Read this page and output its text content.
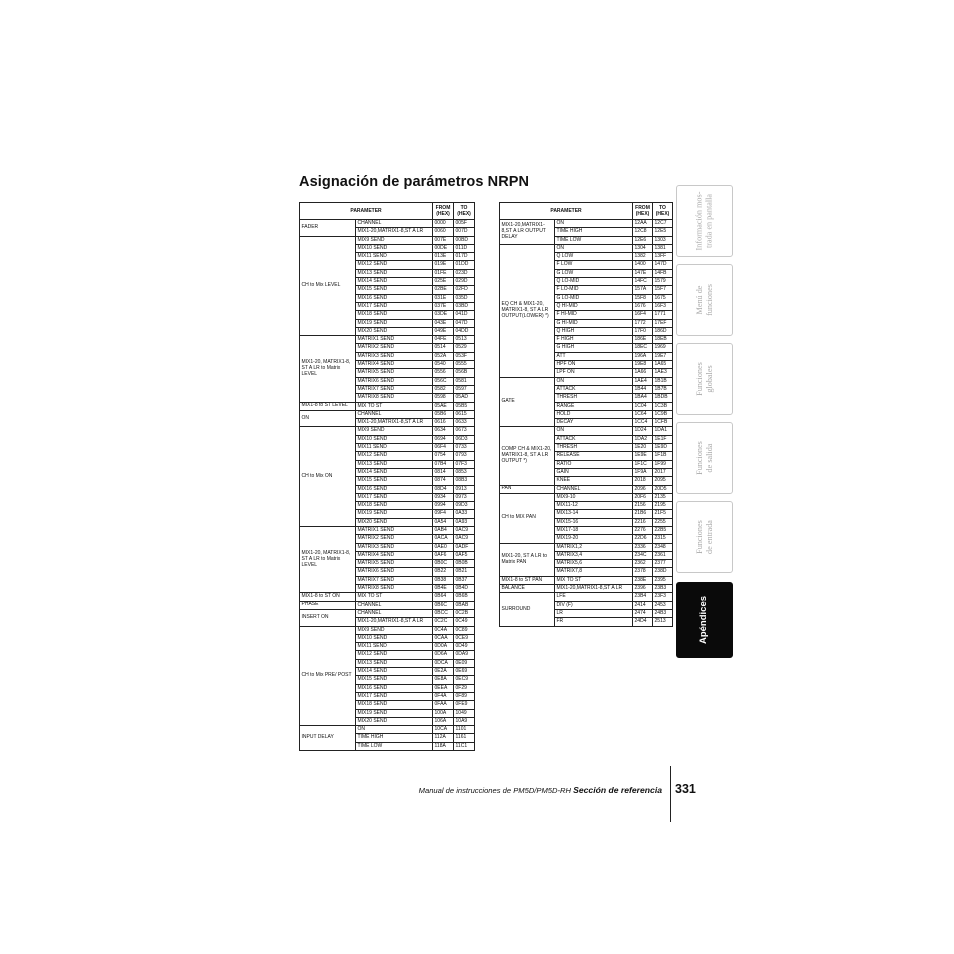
Asignación de parámetros NRPN
PARAMETER		FROM (HEX)	TO (HEX)
FADER	CHANNEL	0000	005F
	MIX1-20,MATRIX1-8,ST A LR	0060	007D
CH to Mix LEVEL	MIX9 SEND	007E	00BD
	MIX10 SEND	00DE	011D
	MIX11 SEND	013E	017D
	MIX12 SEND	019E	01DD
	MIX13 SEND	01FE	023D
	MIX14 SEND	025E	029D
	MIX15 SEND	02BE	02FD
	MIX16 SEND	031E	035D
	MIX17 SEND	037E	03BD
	MIX18 SEND	03DE	041D
	MIX19 SEND	043E	047D
	MIX20 SEND	049E	04DD
MIX1-20, MATRIX1-8, ST A LR to Matrix LEVEL	MATRIX1 SEND	04FE	0513
	MATRIX2 SEND	0514	0529
	MATRIX3 SEND	052A	053F
	MATRIX4 SEND	0540	0555
	MATRIX5 SEND	0556	056B
	MATRIX6 SEND	056C	0581
	MATRIX7 SEND	0582	0597
	MATRIX8 SEND	0598	05AD
MIX1-8 to ST LEVEL	MIX TO ST	05AE	05B5
ON	CHANNEL	05B6	0615
	MIX1-20,MATRIX1-8,ST A LR	0616	0633
CH to Mix ON	MIX9 SEND	0634	0673
	MIX10 SEND	0694	06D3
	MIX11 SEND	06F4	0733
	MIX12 SEND	0754	0793
	MIX13 SEND	07B4	07F3
	MIX14 SEND	0814	0853
	MIX15 SEND	0874	08B3
	MIX16 SEND	08D4	0913
	MIX17 SEND	0934	0973
	MIX18 SEND	0994	09D3
	MIX19 SEND	09F4	0A33
	MIX20 SEND	0A54	0A93
MIX1-20, MATRIX1-8, ST A LR to Matrix LEVEL	MATRIX1 SEND	0AB4	0AC9
	MATRIX2 SEND	0ACA	0AC9
	MATRIX3 SEND	0AE0	0ADF
	MATRIX4 SEND	0AF6	0AF5
	MATRIX5 SEND	0B0C	0B0B
	MATRIX6 SEND	0B22	0B21
	MATRIX7 SEND	0B38	0B37
	MATRIX8 SEND	0B4E	0B4D
MIX1-8 to ST ON	MIX TO ST	0B64	0B6B
PHASE	CHANNEL	0B6C	0BAB
INSERT ON	CHANNEL	0BCC	0C2B
	MIX1-20,MATRIX1-8,ST A LR	0C2C	0C49
CH to Mix PRE/ POST	MIX9 SEND	0C4A	0C89
	MIX10 SEND	0CAA	0CE9
	MIX11 SEND	0D0A	0D49
	MIX12 SEND	0D6A	0DA9
	MIX13 SEND	0DCA	0E09
	MIX14 SEND	0E2A	0E69
	MIX15 SEND	0E8A	0EC9
	MIX16 SEND	0EEA	0F29
	MIX17 SEND	0F4A	0F89
	MIX18 SEND	0FAA	0FE9
	MIX19 SEND	100A	1049
	MIX20 SEND	106A	10A9
INPUT DELAY	ON	10CA	1101
	TIME HIGH	112A	1161
	TIME LOW	118A	11C1
PARAMETER		FROM (HEX)	TO (HEX)
MIX1-20,MATRIX1-8,ST A LR OUTPUT DELAY	ON	12AA	12C7
	TIME HIGH	12C8	12E5
	TIME LOW	12E6	1303
EQ CH & MIX1-20, MATRIX1-8, ST A LR OUTPUT(LOWER) *)	ON	1304	1381
	Q LOW	1382	13FF
	F LOW	1400	147D
	G LOW	147E	14FB
	Q LO-MID	14FC	1579
	F LO-MID	157A	15F7
	G LO-MID	15F8	1675
	Q HI-MID	1676	16F3
	F HI-MID	16F4	1771
	G HI-MID	1772	17EF
	Q HIGH	17F0	186D
	F HIGH	186E	18EB
	G HIGH	18EC	1969
	ATT	196A	19E7
	HPF ON	19E8	1A65
	LPF ON	1A66	1AE3
GATE	ON	1AE4	1B1B
	ATTACK	1B44	1B7B
	THRESH	1BA4	1BDB
	RANGE	1C04	1C3B
	HOLD	1C64	1C9B
	DECAY	1CC4	1CFB
COMP CH & MIX1-20, MATRIX1-8, ST A LR OUTPUT *)	ON	1D24	1DA1
	ATTACK	1DA2	1E1F
	THRESH	1E20	1E9D
	RELEASE	1E9E	1F1B
	RATIO	1F1C	1F99
	GAIN	1F9A	2017
	KNEE	2018	2095
PAN	CHANNEL	2096	20D5
CH to MIX PAN	MIX9-10	20F6	2135
	MIX11-12	2156	2195
	MIX13-14	21B6	21F5
	MIX15-16	2216	2255
	MIX17-18	2276	22B5
	MIX19-20	22D6	2315
MIX1-20, ST A LR to Matrix PAN	MATRIX1,2	2336	2348
	MATRIX3,4	234C	2361
	MATRIX5,6	2362	2377
	MATRIX7,8	2378	238D
MIX1-8 to ST PAN	MIX TO ST	238E	2395
BALANCE	MIX1-20,MATRIX1-8,ST A LR	2396	23B3
SURROUND	LFE	23B4	23F3
	DIV (F)	2414	2453
	LR	2474	24B3
	FR	24D4	2513
Información mos-
trada en pantalla
Menú de
funciones
Funciones
globales
Funciones
de salida
Funciones
de entrada
Apéndices
Manual de instrucciones de PM5D/PM5D-RH Sección de referencia 331
